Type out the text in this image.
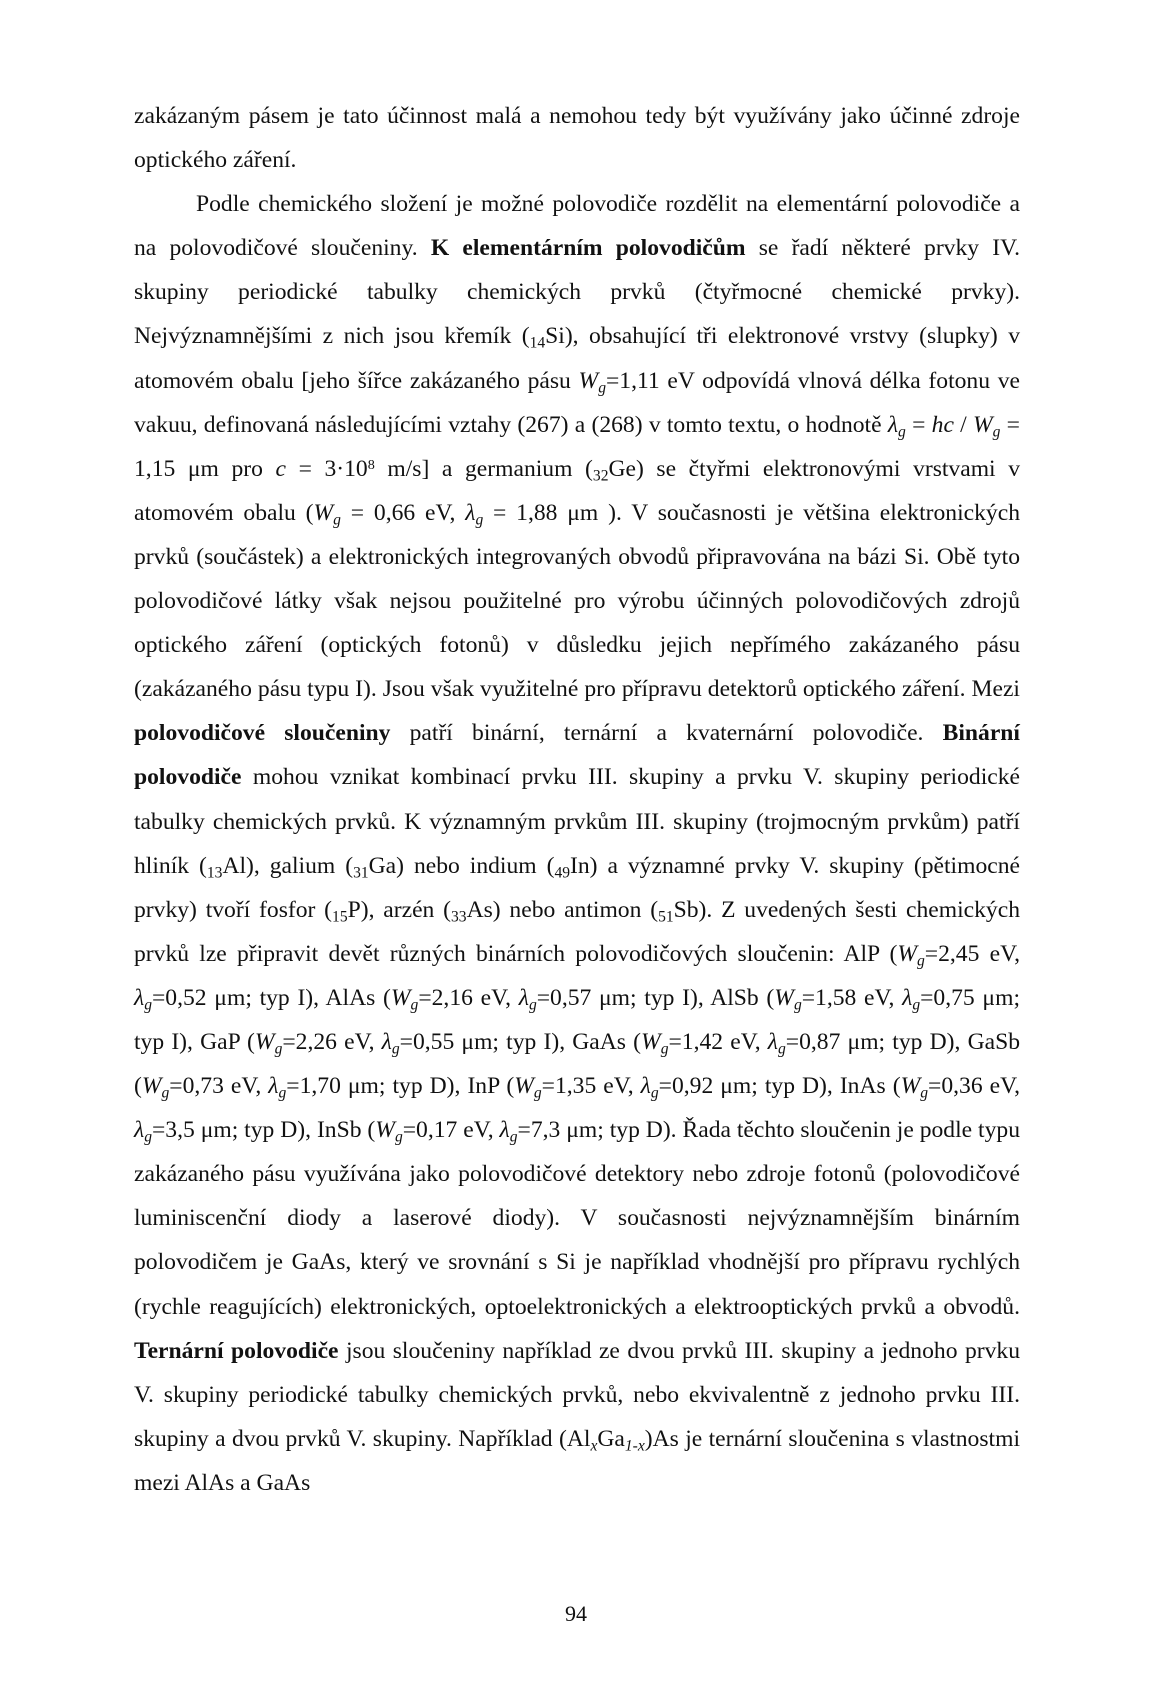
zakázaným pásem je tato účinnost malá a nemohou tedy být využívány jako účinné zdroje optického záření.

Podle chemického složení je možné polovodiče rozdělit na elementární polovodiče a na polovodičové sloučeniny. K elementárním polovodičům se řadí některé prvky IV. skupiny periodické tabulky chemických prvků (čtyřmocné chemické prvky). Nejvýznamnějšími z nich jsou křemík (14Si), obsahující tři elektronové vrstvy (slupky) v atomovém obalu [jeho šířce zakázaného pásu Wg=1,11 eV odpovídá vlnová délka fotonu ve vakuu, definovaná následujícími vztahy (267) a (268) v tomto textu, o hodnotě λg = hc / Wg = 1,15 μm pro $c = 3\cdot 10^8$ m/s] a germanium (32Ge) se čtyřmi elektronovými vrstvami v atomovém obalu (Wg = 0,66 eV, λg = 1,88 μm ). V současnosti je většina elektronických prvků (součástek) a elektronických integrovaných obvodů připravována na bázi Si. Obě tyto polovodičové látky však nejsou použitelné pro výrobu účinných polovodičových zdrojů optického záření (optických fotonů) v důsledku jejich nepřímého zakázaného pásu (zakázaného pásu typu I). Jsou však využitelné pro přípravu detektorů optického záření. Mezi polovodičové sloučeniny patří binární, ternární a kvaternární polovodiče. Binární polovodiče mohou vznikat kombinací prvku III. skupiny a prvku V. skupiny periodické tabulky chemických prvků. K významným prvkům III. skupiny (trojmocným prvkům) patří hliník (13Al), galium (31Ga) nebo indium (49In) a významné prvky V. skupiny (pětimocné prvky) tvoří fosfor (15P), arzén (33As) nebo antimon (51Sb). Z uvedených šesti chemických prvků lze připravit devět různých binárních polovodičových sloučenin: AlP (Wg=2,45 eV, λg=0,52 μm; typ I), AlAs (Wg=2,16 eV, λg=0,57 μm; typ I), AlSb (Wg=1,58 eV, λg=0,75 μm; typ I), GaP (Wg=2,26 eV, λg=0,55 μm; typ I), GaAs (Wg=1,42 eV, λg=0,87 μm; typ D), GaSb (Wg=0,73 eV, λg=1,70 μm; typ D), InP (Wg=1,35 eV, λg=0,92 μm; typ D), InAs (Wg=0,36 eV, λg=3,5 μm; typ D), InSb (Wg=0,17 eV, λg=7,3 μm; typ D). Řada těchto sloučenin je podle typu zakázaného pásu využívána jako polovodičové detektory nebo zdroje fotonů (polovodičové luminiscenční diody a laserové diody). V současnosti nejvýznamnějším binárním polovodičem je GaAs, který ve srovnání s Si je například vhodnější pro přípravu rychlých (rychle reagujících) elektronických, optoelektronických a elektrooptických prvků a obvodů. Ternární polovodiče jsou sloučeniny například ze dvou prvků III. skupiny a jednoho prvku V. skupiny periodické tabulky chemických prvků, nebo ekvivalentně z jednoho prvku III. skupiny a dvou prvků V. skupiny. Například (AlxGa1-x)As je ternární sloučenina s vlastnostmi mezi AlAs a GaAs

94
